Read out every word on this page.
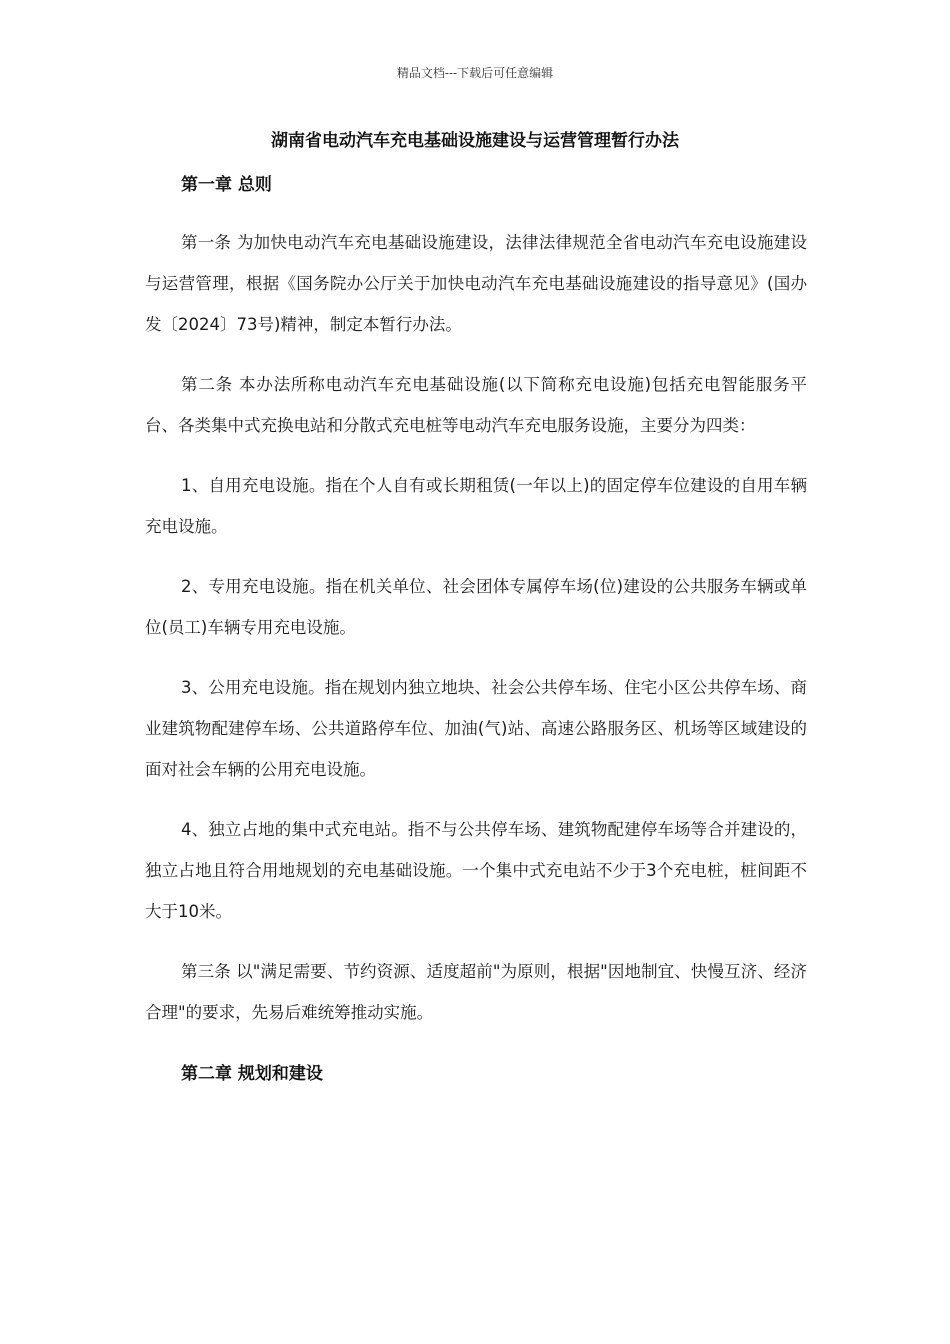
精品文档---下载后可任意编辑
湖南省电动汽车充电基础设施建设与运营管理暂行办法

第一章 总则

第一条 为加快电动汽车充电基础设施建设，法律法律规范全省电动汽车充电设施建设与运营管理，根据《国务院办公厅关于加快电动汽车充电基础设施建设的指导意见》(国办发〔2024〕73号)精神，制定本暂行办法。

第二条 本办法所称电动汽车充电基础设施(以下简称充电设施)包括充电智能服务平台、各类集中式充换电站和分散式充电桩等电动汽车充电服务设施，主要分为四类：

1、自用充电设施。指在个人自有或长期租赁(一年以上)的固定停车位建设的自用车辆充电设施。

2、专用充电设施。指在机关单位、社会团体专属停车场(位)建设的公共服务车辆或单位(员工)车辆专用充电设施。

3、公用充电设施。指在规划内独立地块、社会公共停车场、住宅小区公共停车场、商业建筑物配建停车场、公共道路停车位、加油(气)站、高速公路服务区、机场等区域建设的面对社会车辆的公用充电设施。

4、独立占地的集中式充电站。指不与公共停车场、建筑物配建停车场等合并建设的，独立占地且符合用地规划的充电基础设施。一个集中式充电站不少于3个充电桩，桩间距不大于10米。

第三条 以"满足需要、节约资源、适度超前"为原则，根据"因地制宜、快慢互济、经济合理"的要求，先易后难统筹推动实施。

第二章 规划和建设
